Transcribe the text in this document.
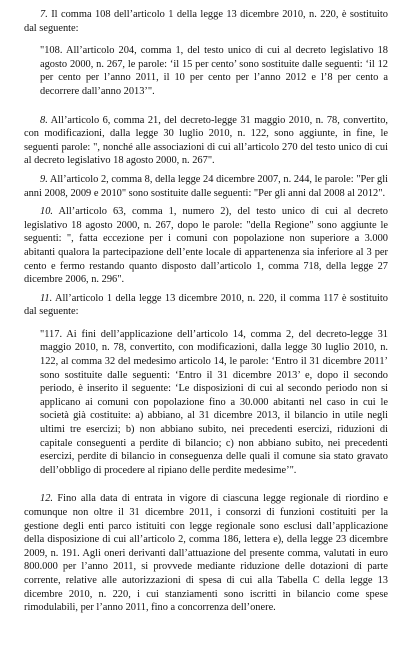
7. Il comma 108 dell’articolo 1 della legge 13 dicembre 2010, n. 220, è sostituito dal seguente:

"108. All’articolo 204, comma 1, del testo unico di cui al decreto legislativo 18 agosto 2000, n. 267, le parole: ‘il 15 per cento’ sono sostituite dalle seguenti: ‘il 12 per cento per l’anno 2011, il 10 per cento per l’anno 2012 e l’8 per cento a decorrere dall’anno 2013’".

8. All’articolo 6, comma 21, del decreto-legge 31 maggio 2010, n. 78, convertito, con modificazioni, dalla legge 30 luglio 2010, n. 122, sono aggiunte, in fine, le seguenti parole: ", nonché alle associazioni di cui all’articolo 270 del testo unico di cui al decreto legislativo 18 agosto 2000, n. 267".

9. All’articolo 2, comma 8, della legge 24 dicembre 2007, n. 244, le parole: "Per gli anni 2008, 2009 e 2010" sono sostituite dalle seguenti: "Per gli anni dal 2008 al 2012".

10. All’articolo 63, comma 1, numero 2), del testo unico di cui al decreto legislativo 18 agosto 2000, n. 267, dopo le parole: "della Regione" sono aggiunte le seguenti: ", fatta eccezione per i comuni con popolazione non superiore a 3.000 abitanti qualora la partecipazione dell’ente locale di appartenenza sia inferiore al 3 per cento e fermo restando quanto disposto dall’articolo 1, comma 718, della legge 27 dicembre 2006, n. 296".

11. All’articolo 1 della legge 13 dicembre 2010, n. 220, il comma 117 è sostituito dal seguente:

"117. Ai fini dell’applicazione dell’articolo 14, comma 2, del decreto-legge 31 maggio 2010, n. 78, convertito, con modificazioni, dalla legge 30 luglio 2010, n. 122, al comma 32 del medesimo articolo 14, le parole: ‘Entro il 31 dicembre 2011’ sono sostituite dalle seguenti: ‘Entro il 31 dicembre 2013’ e, dopo il secondo periodo, è inserito il seguente: ‘Le disposizioni di cui al secondo periodo non si applicano ai comuni con popolazione fino a 30.000 abitanti nel caso in cui le società già costituite: a) abbiano, al 31 dicembre 2013, il bilancio in utile negli ultimi tre esercizi; b) non abbiano subito, nei precedenti esercizi, riduzioni di capitale conseguenti a perdite di bilancio; c) non abbiano subito, nei precedenti esercizi, perdite di bilancio in conseguenza delle quali il comune sia stato gravato dell’obbligo di procedere al ripiano delle perdite medesime’".

12. Fino alla data di entrata in vigore di ciascuna legge regionale di riordino e comunque non oltre il 31 dicembre 2011, i consorzi di funzioni costituiti per la gestione degli enti parco istituiti con legge regionale sono esclusi dall’applicazione della disposizione di cui all’articolo 2, comma 186, lettera e), della legge 23 dicembre 2009, n. 191. Agli oneri derivanti dall’attuazione del presente comma, valutati in euro 800.000 per l’anno 2011, si provvede mediante riduzione delle dotazioni di parte corrente, relative alle autorizzazioni di spesa di cui alla Tabella C della legge 13 dicembre 2010, n. 220, i cui stanziamenti sono iscritti in bilancio come spese rimodulabili, per l’anno 2011, fino a concorrenza dell’onere.
